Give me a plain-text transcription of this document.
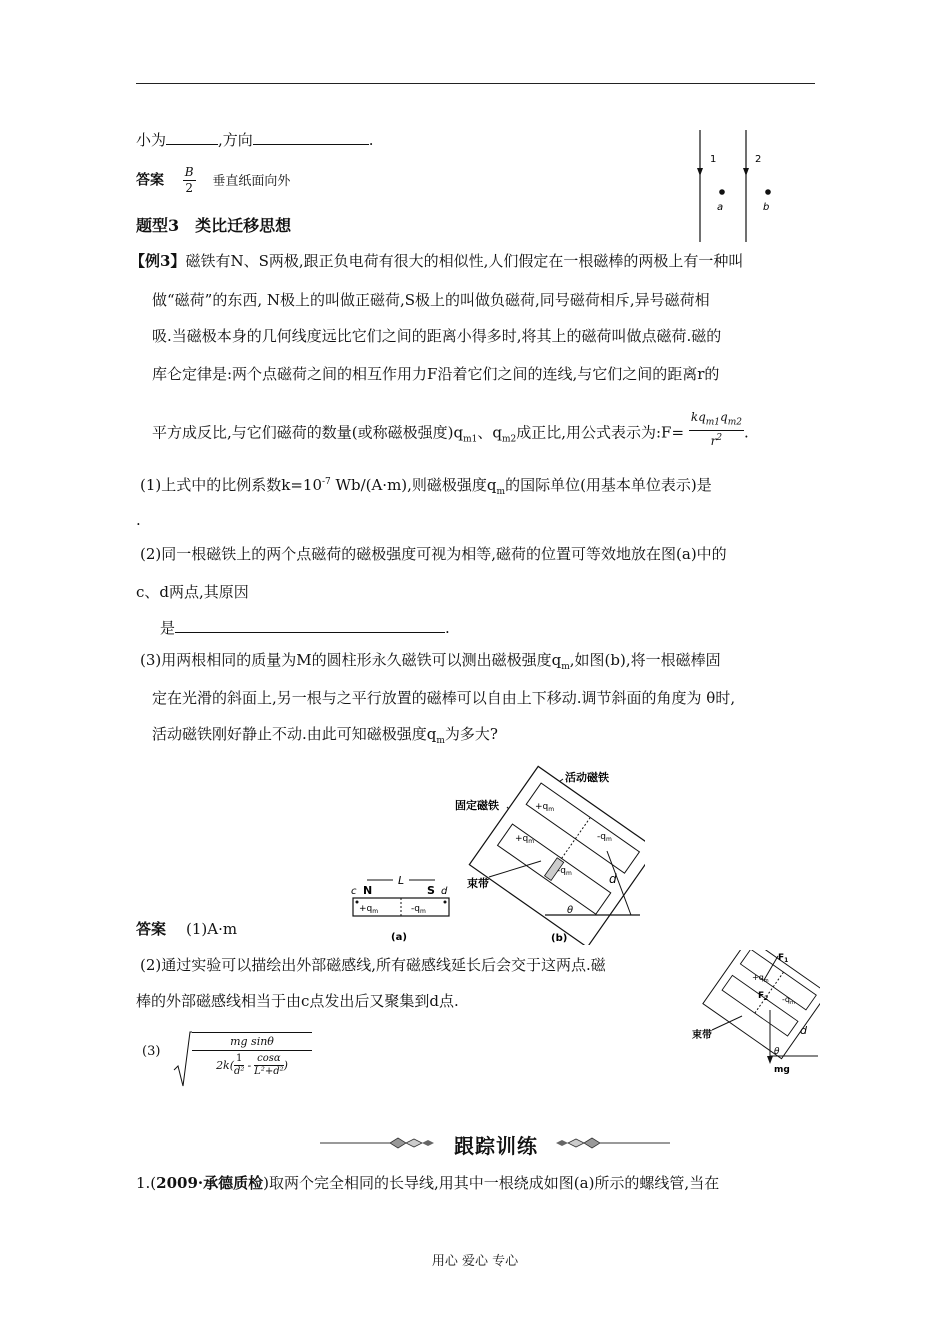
小为	,方向	.
答案 $\frac{B}{2}$ 垂直纸面向外
1	2
a	b
题型3 类比迁移思想
【例3】磁铁有N、S两极,跟正负电荷有很大的相似性,人们假定在一根磁棒的两极上有一种叫
做“磁荷”的东西, N极上的叫做正磁荷,S极上的叫做负磁荷,同号磁荷相斥,异号磁荷相
吸.当磁极本身的几何线度远比它们之间的距离小得多时,将其上的磁荷叫做点磁荷.磁的
库仑定律是:两个点磁荷之间的相互作用力F沿着它们之间的连线,与它们之间的距离r的
平方成反比,与它们磁荷的数量(或称磁极强度)$q_{m1}$、$q_{m2}$成正比,用公式表示为:F= $\frac{kq_{m1}q_{m2}}{r^2}$ .
(1)上式中的比例系数$k=10^{-7}$ Wb/(A·m),则磁极强度$q_m$的国际单位(用基本单位表示)是
.
(2)同一根磁铁上的两个点磁荷的磁极强度可视为相等,磁荷的位置可等效地放在图(a)中的
c、d两点,其原因
是	.
(3)用两根相同的质量为M的圆柱形永久磁铁可以测出磁极强度$q_m$,如图(b),将一根磁棒固
定在光滑的斜面上,另一根与之平行放置的磁棒可以自由上下移动.调节斜面的角度为 θ时,
活动磁铁刚好静止不动.由此可知磁极强度$q_m$为多大?
L
c N	S d
$+q_m$	$-q_m$
(a)
活动磁铁
固定磁铁	$+q_m$
$-q_m$
$+q_m$
$-q_m$
束带	d
θ
(b)
答案 (1)A·m
(2)通过实验可以描绘出外部磁感线,所有磁感线延长后会交于这两点.磁
棒的外部磁感线相当于由c点发出后又聚集到d点.
(3)
mg sinθ
$2k( \frac{1}{\text{d²}} - \frac{\cos\alpha}{\text{L²+d²}}$ )
$F_1$
$F_2$
$+q_m$
$-q_m$
束带
mg
θ
d
跟踪训练
1.(2009·承德质检)取两个完全相同的长导线,用其中一根绕成如图(a)所示的螺线管,当在
用心 爱心 专心
